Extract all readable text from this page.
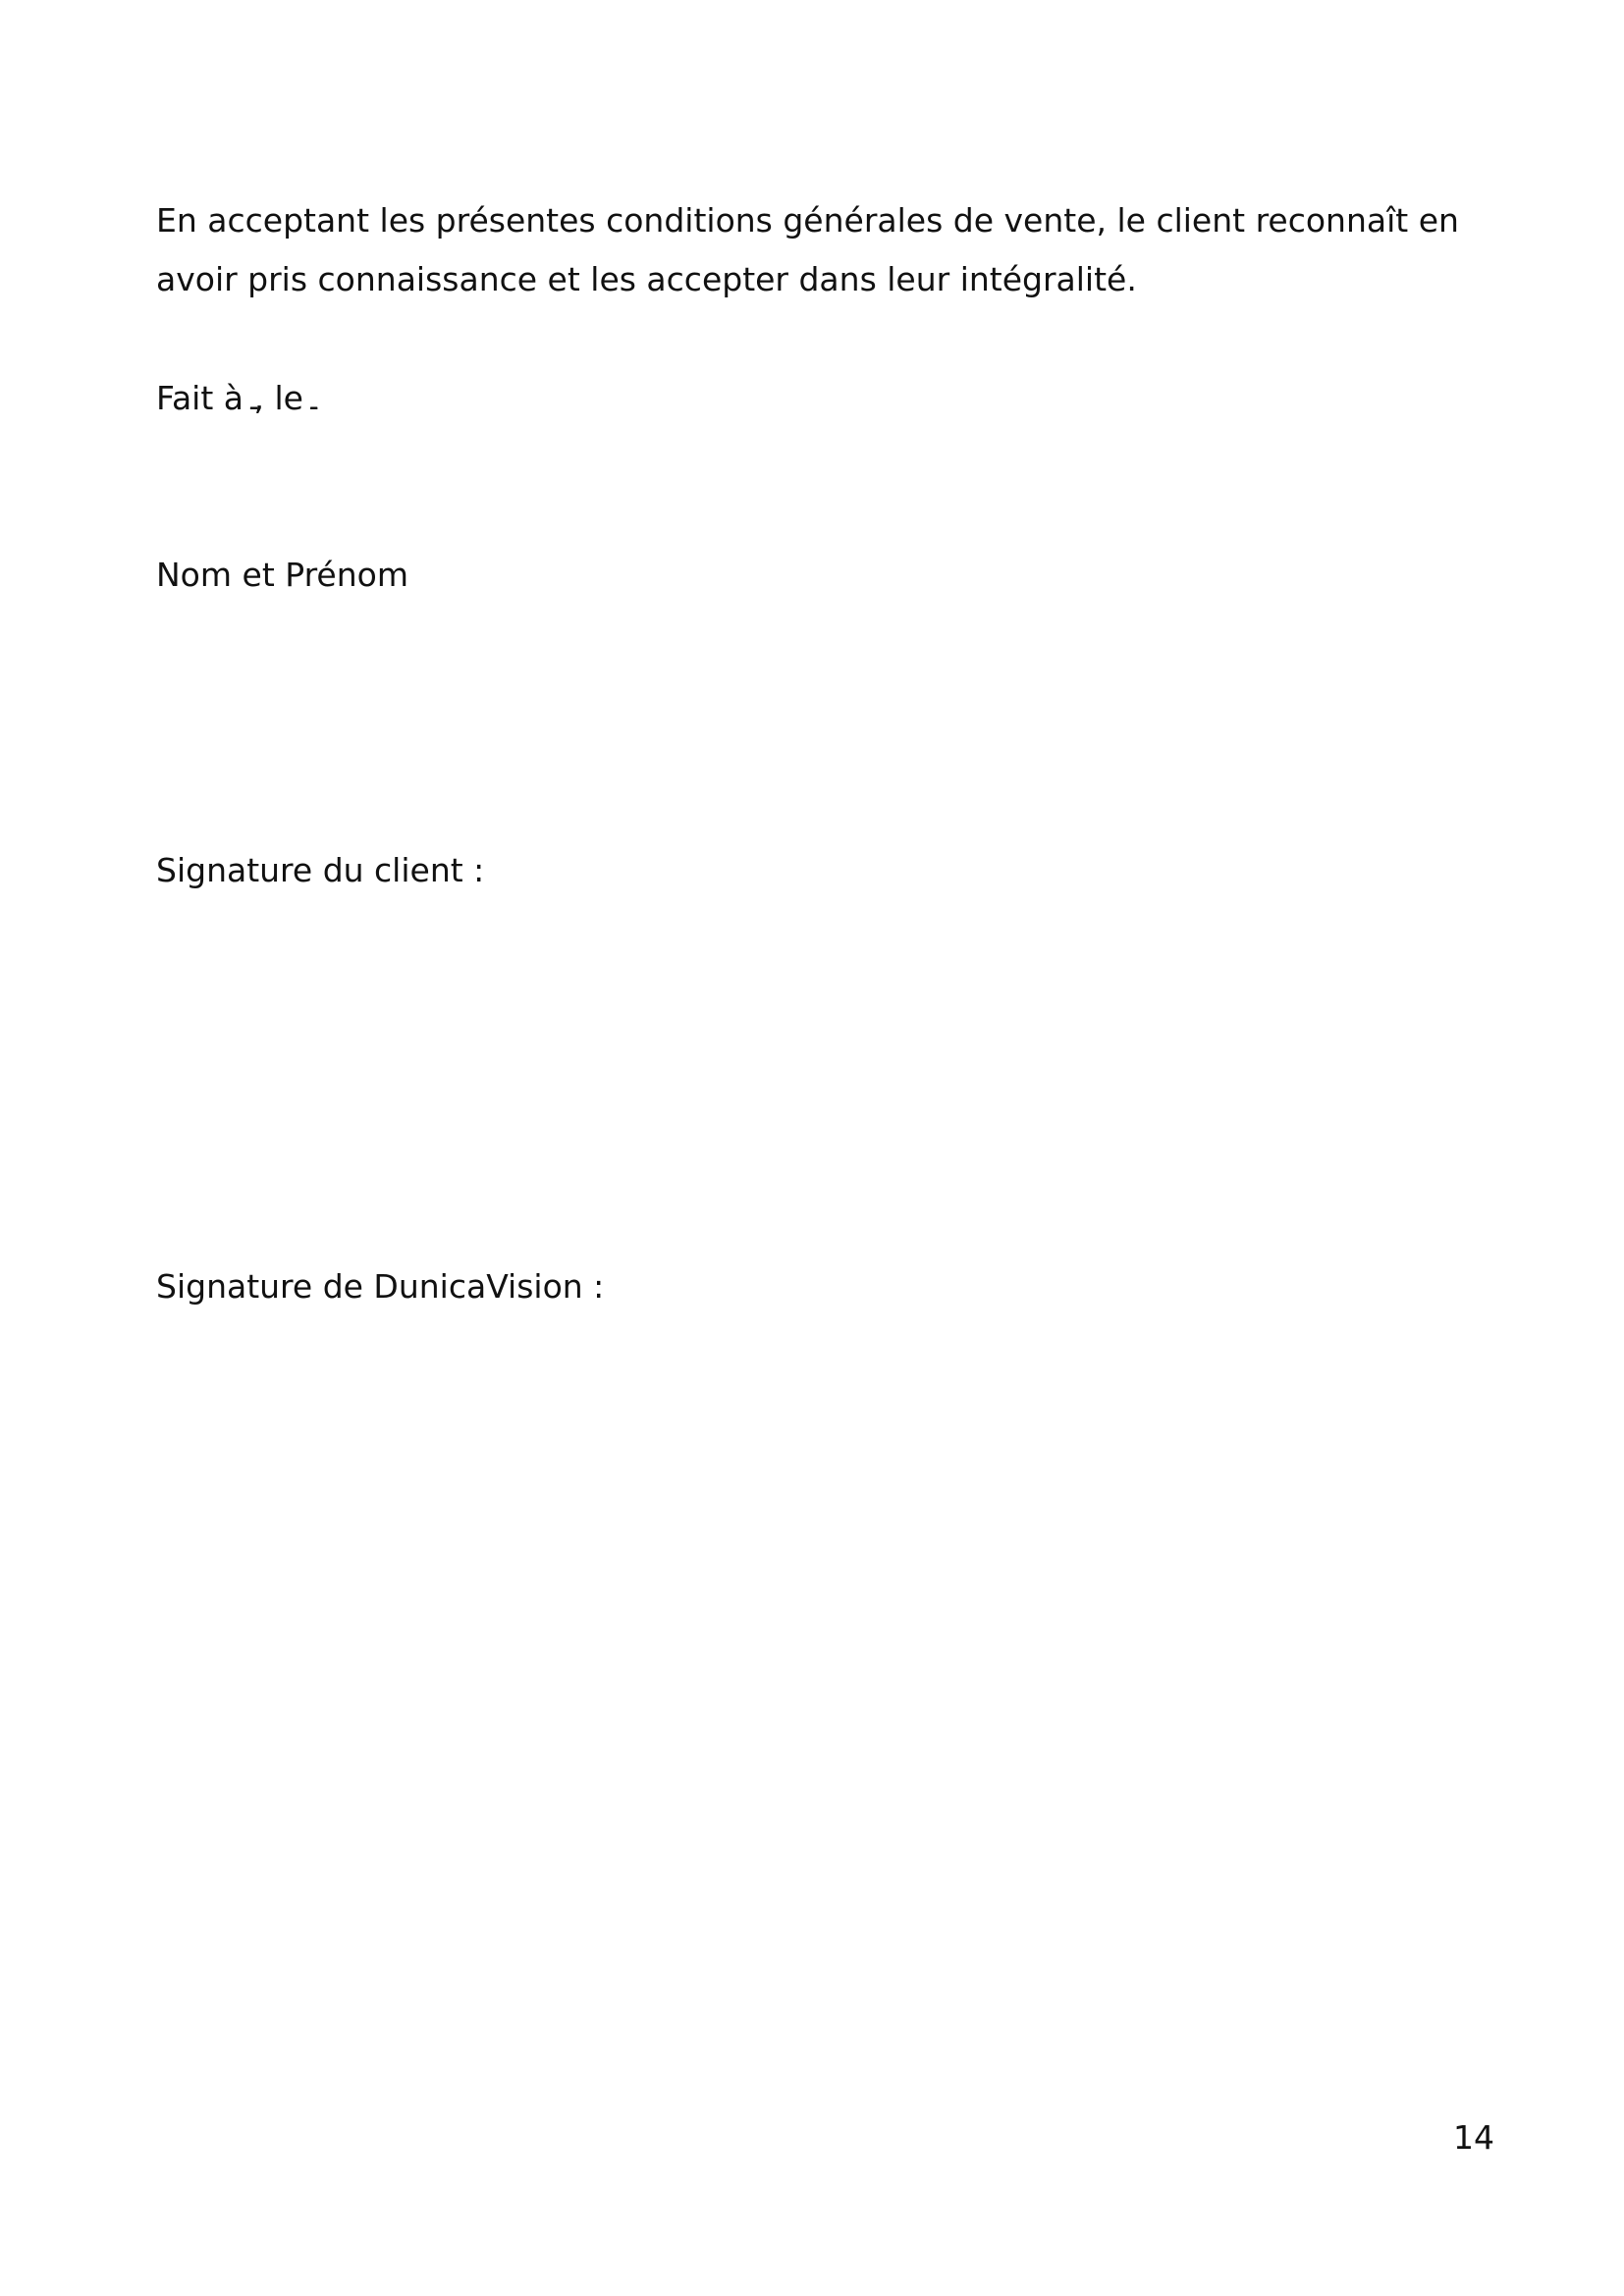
En acceptant les présentes conditions générales de vente, le client reconnaît en
avoir pris connaissance et les accepter dans leur intégralité.
Fait à , le
Nom et Prénom
Signature du client :
Signature de DunicaVision :
14
